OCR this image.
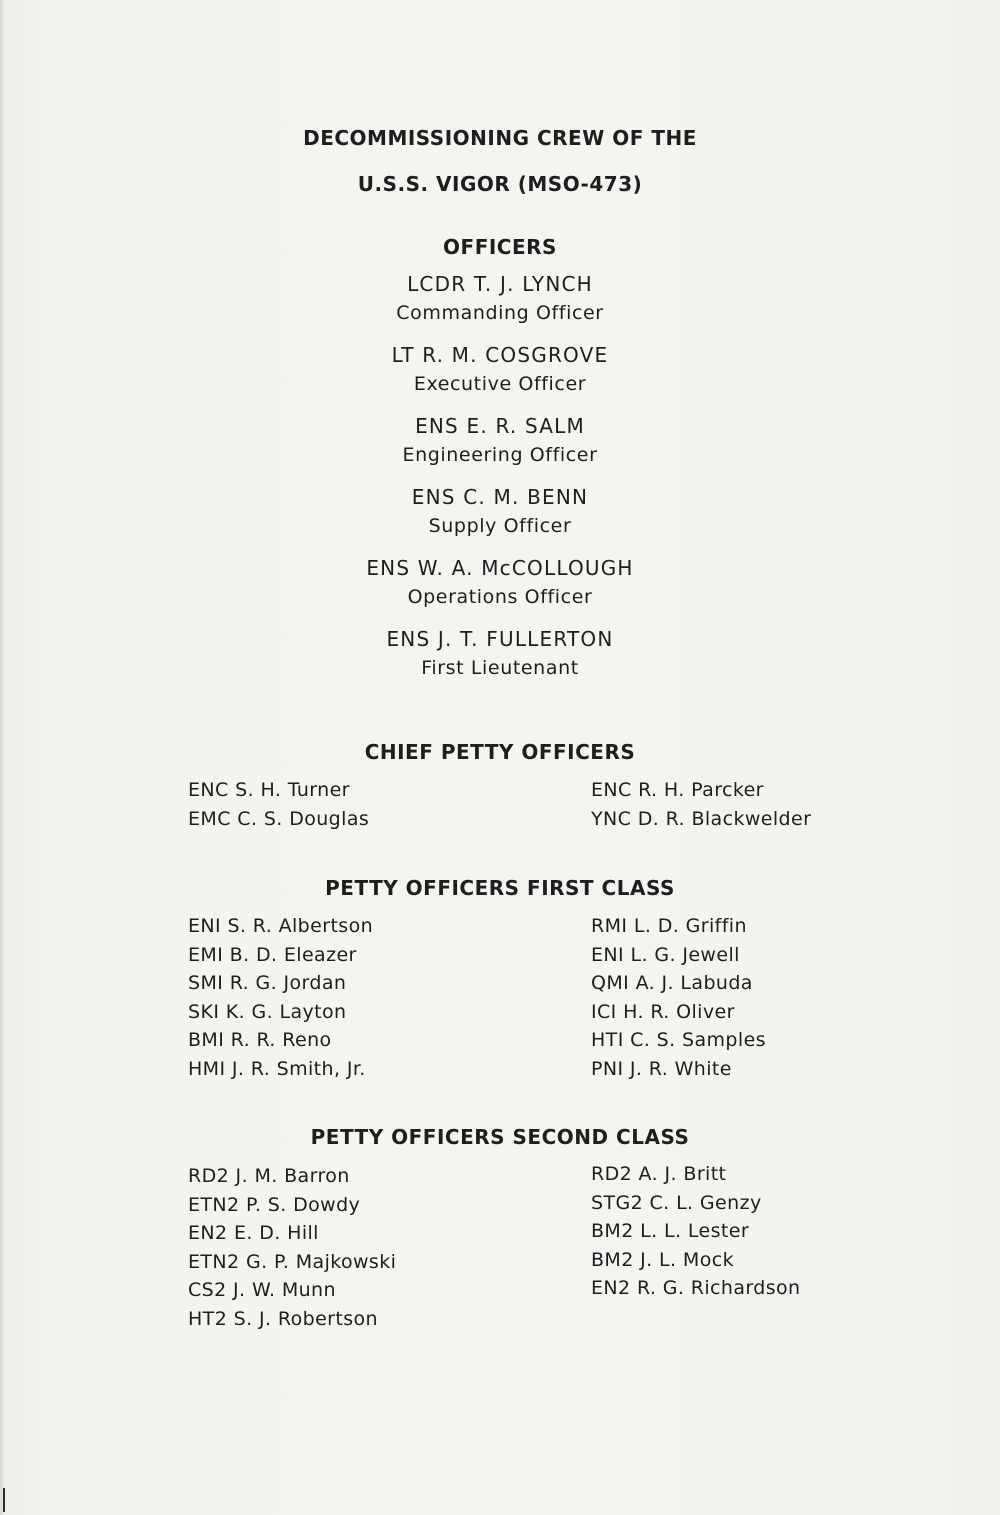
DECOMMISSIONING CREW OF THE
U.S.S. VIGOR (MSO-473)
OFFICERS
LCDR T. J. LYNCH
Commanding Officer
LT R. M. COSGROVE
Executive Officer
ENS E. R. SALM
Engineering Officer
ENS C. M. BENN
Supply Officer
ENS W. A. McCOLLOUGH
Operations Officer
ENS J. T. FULLERTON
First Lieutenant
CHIEF PETTY OFFICERS
ENC S. H. Turner
EMC C. S. Douglas
ENC R. H. Parcker
YNC D. R. Blackwelder
PETTY OFFICERS FIRST CLASS
ENI S. R. Albertson
EMI B. D. Eleazer
SMI R. G. Jordan
SKI K. G. Layton
BMI R. R. Reno
HMI J. R. Smith, Jr.
RMI L. D. Griffin
ENI L. G. Jewell
QMI A. J. Labuda
ICI H. R. Oliver
HTI C. S. Samples
PNI J. R. White
PETTY OFFICERS SECOND CLASS
RD2 J. M. Barron
ETN2 P. S. Dowdy
EN2 E. D. Hill
ETN2 G. P. Majkowski
CS2 J. W. Munn
HT2 S. J. Robertson
RD2 A. J. Britt
STG2 C. L. Genzy
BM2 L. L. Lester
BM2 J. L. Mock
EN2 R. G. Richardson
